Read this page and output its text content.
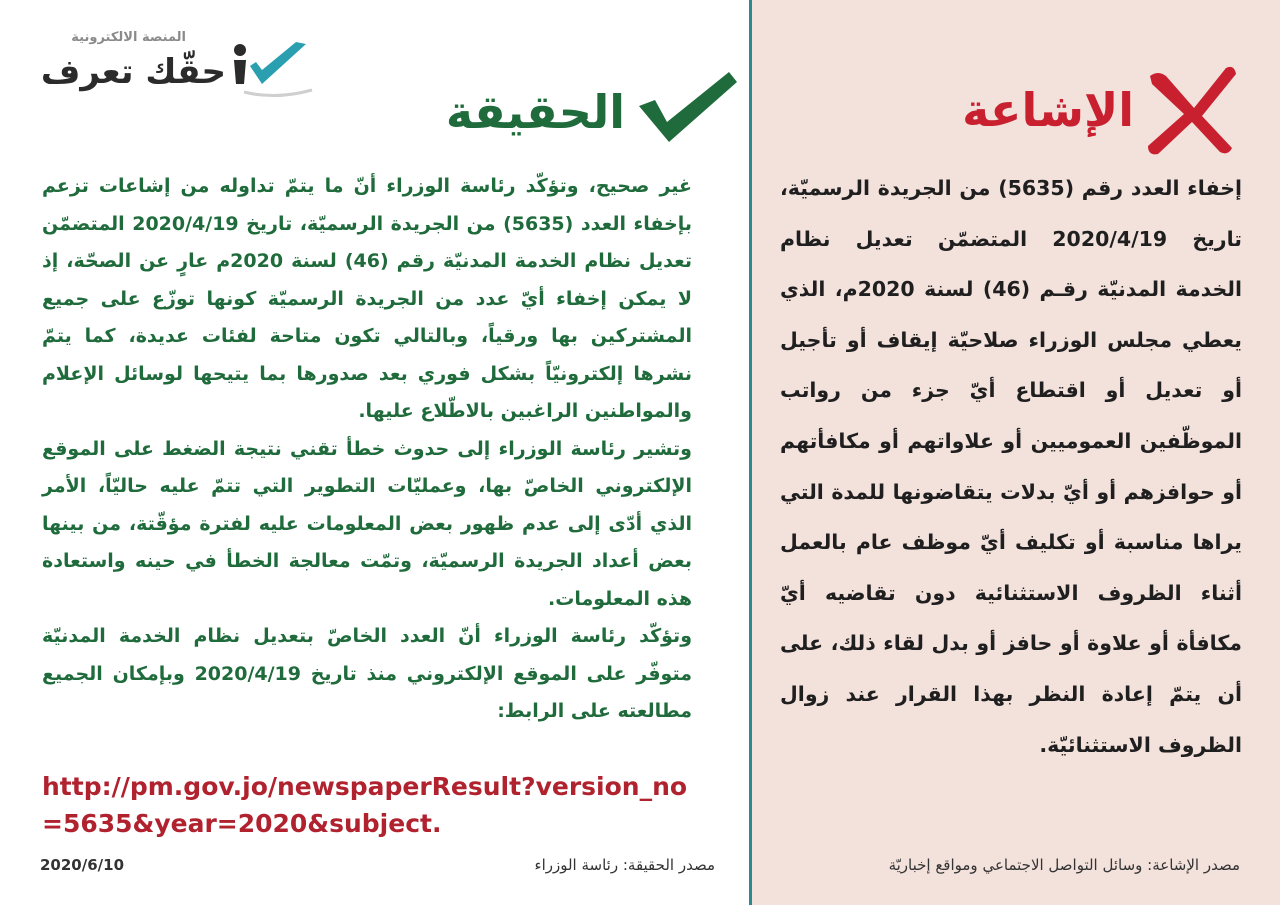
المنصة الالكترونية
حقّك تعرف
الحقيقة	الإشاعة

غير صحيح، وتؤكّد رئاسة الوزراء أنّ ما يتمّ تداوله من إشاعات تزعم بإخفاء العدد (5635) من الجريدة الرسميّة، تاريخ 2020/4/19 المتضمّن تعديل نظام الخدمة المدنيّة رقم (46) لسنة 2020م عارٍ عن الصحّة، إذ لا يمكن إخفاء أيّ عدد من الجريدة الرسميّة كونها توزّع على جميع المشتركين بها ورقياً، وبالتالي تكون متاحة لفئات عديدة، كما يتمّ نشرها إلكترونيّاً بشكل فوري بعد صدورها بما يتيحها لوسائل الإعلام والمواطنين الراغبين بالاطّلاع عليها.

وتشير رئاسة الوزراء إلى حدوث خطأ تقني نتيجة الضغط على الموقع الإلكتروني الخاصّ بها، وعمليّات التطوير التي تتمّ عليه حاليّاً، الأمر الذي أدّى إلى عدم ظهور بعض المعلومات عليه لفترة مؤقّتة، من بينها بعض أعداد الجريدة الرسميّة، وتمّت معالجة الخطأ في حينه واستعادة هذه المعلومات.

وتؤكّد رئاسة الوزراء أنّ العدد الخاصّ بتعديل نظام الخدمة المدنيّة متوفّر على الموقع الإلكتروني منذ تاريخ 2020/4/19 وبإمكان الجميع مطالعته على الرابط:

http://pm.gov.jo/newspaperResult?version_no=5635&year=2020&subject.
إخفاء العدد رقم (5635) من الجريدة الرسميّة، تاريخ 2020/4/19 المتضمّن تعديل نظام الخدمة المدنيّة رقـم (46) لسنة 2020م، الذي يعطي مجلس الوزراء صلاحيّة إيقاف أو تأجيل أو تعديل أو اقتطاع أيّ جزء من رواتب الموظّفين العموميين أو علاواتهم أو مكافأتهم أو حوافزهم أو أيّ بدلات يتقاضونها للمدة التي يراها مناسبة أو تكليف أيّ موظف عام بالعمل أثناء الظروف الاستثنائية دون تقاضيه أيّ مكافأة أو علاوة أو حافز أو بدل لقاء ذلك، على أن يتمّ إعادة النظر بهذا القرار عند زوال الظروف الاستثنائيّة.
2020/6/10	مصدر الحقيقة: رئاسة الوزراء	مصدر الإشاعة: وسائل التواصل الاجتماعي ومواقع إخباريّة
